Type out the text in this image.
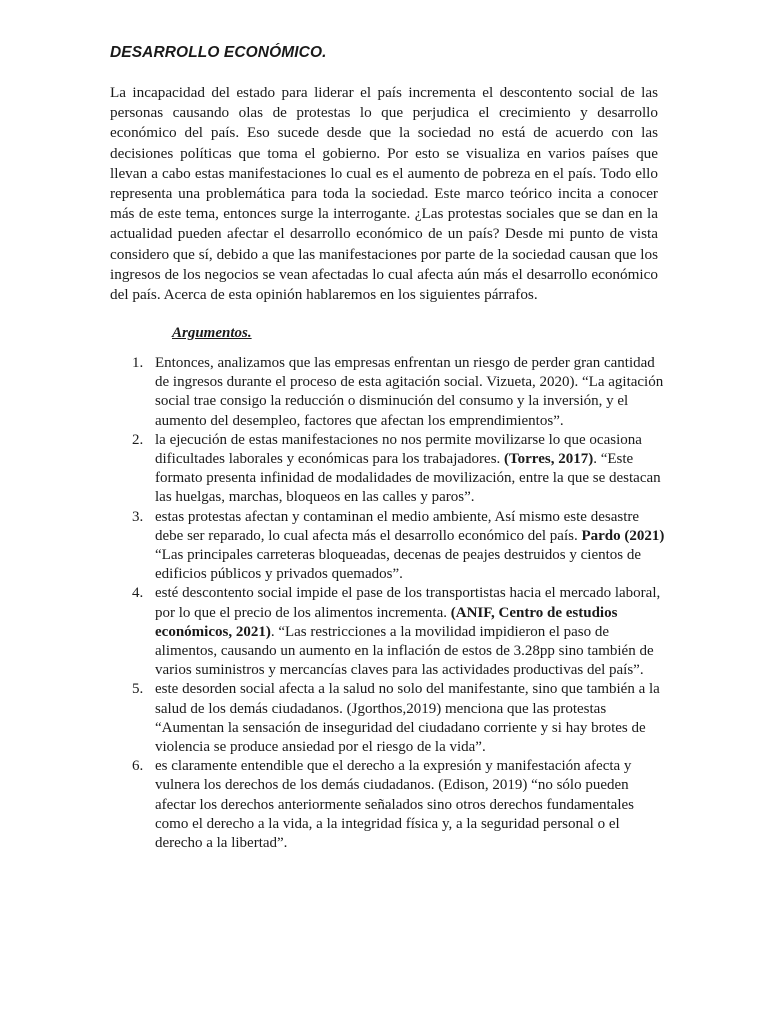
DESARROLLO ECONÓMICO.

La incapacidad del estado para liderar el país incrementa el descontento social de las personas causando olas de protestas lo que perjudica el crecimiento y desarrollo económico del país. Eso sucede desde que la sociedad no está de acuerdo con las decisiones políticas que toma el gobierno. Por esto se visualiza en varios países que llevan a cabo estas manifestaciones lo cual es el aumento de pobreza en el país. Todo ello representa una problemática para toda la sociedad. Este marco teórico incita a conocer más de este tema, entonces surge la interrogante. ¿Las protestas sociales que se dan en la actualidad pueden afectar el desarrollo económico de un país? Desde mi punto de vista considero que sí, debido a que las manifestaciones por parte de la sociedad causan que los ingresos de los negocios se vean afectadas lo cual afecta aún más el desarrollo económico del país. Acerca de esta opinión hablaremos en los siguientes párrafos.

Argumentos.
1. Entonces, analizamos que las empresas enfrentan un riesgo de perder gran cantidad de ingresos durante el proceso de esta agitación social. Vizueta, 2020). “La agitación social trae consigo la reducción o disminución del consumo y la inversión, y el aumento del desempleo, factores que afectan los emprendimientos”.
2. la ejecución de estas manifestaciones no nos permite movilizarse lo que ocasiona dificultades laborales y económicas para los trabajadores. (Torres, 2017). “Este formato presenta infinidad de modalidades de movilización, entre la que se destacan las huelgas, marchas, bloqueos en las calles y paros”.
3. estas protestas afectan y contaminan el medio ambiente, Así mismo este desastre debe ser reparado, lo cual afecta más el desarrollo económico del país. Pardo (2021) “Las principales carreteras bloqueadas, decenas de peajes destruidos y cientos de edificios públicos y privados quemados”.
4. esté descontento social impide el pase de los transportistas hacia el mercado laboral, por lo que el precio de los alimentos incrementa. (ANIF, Centro de estudios económicos, 2021). “Las restricciones a la movilidad impidieron el paso de alimentos, causando un aumento en la inflación de estos de 3.28pp sino también de varios suministros y mercancías claves para las actividades productivas del país”.
5. este desorden social afecta a la salud no solo del manifestante, sino que también a la salud de los demás ciudadanos. (Jgorthos,2019) menciona que las protestas “Aumentan la sensación de inseguridad del ciudadano corriente y si hay brotes de violencia se produce ansiedad por el riesgo de la vida”.
6. es claramente entendible que el derecho a la expresión y manifestación afecta y vulnera los derechos de los demás ciudadanos. (Edison, 2019) “no sólo pueden afectar los derechos anteriormente señalados sino otros derechos fundamentales como el derecho a la vida, a la integridad física y, a la seguridad personal o el derecho a la libertad”.
